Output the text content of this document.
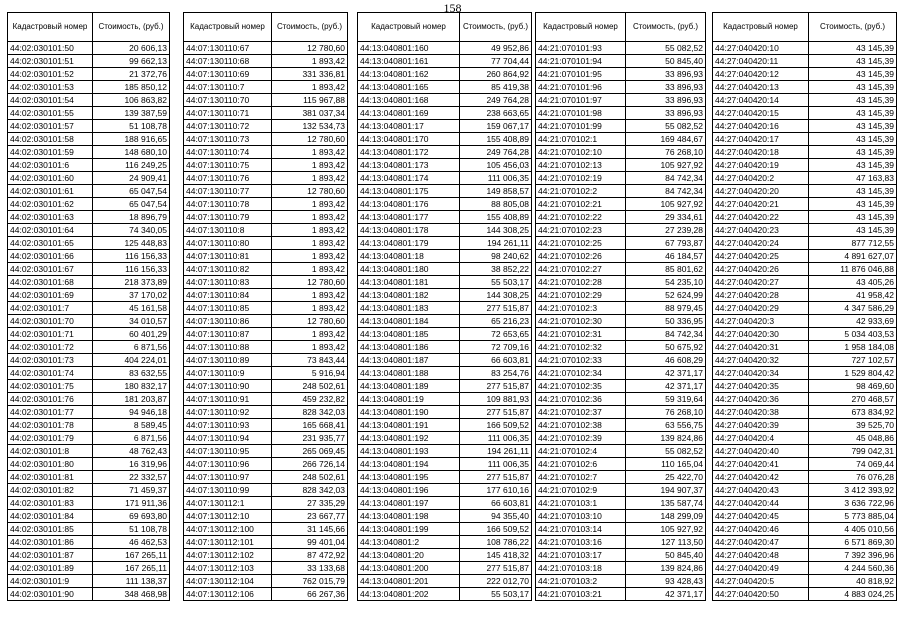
158
Кадастровый номер	Стоимость, (руб.)
44:02:030101:50	20 606,13
44:02:030101:51	99 662,13
44:02:030101:52	21 372,76
44:02:030101:53	185 850,12
44:02:030101:54	106 863,82
44:02:030101:55	139 387,59
44:02:030101:57	51 108,78
44:02:030101:58	188 916,65
44:02:030101:59	148 680,10
44:02:030101:6	116 249,25
44:02:030101:60	24 909,41
44:02:030101:61	65 047,54
44:02:030101:62	65 047,54
44:02:030101:63	18 896,79
44:02:030101:64	74 340,05
44:02:030101:65	125 448,83
44:02:030101:66	116 156,33
44:02:030101:67	116 156,33
44:02:030101:68	218 373,89
44:02:030101:69	37 170,02
44:02:030101:7	45 161,58
44:02:030101:70	34 010,57
44:02:030101:71	60 401,29
44:02:030101:72	6 871,56
44:02:030101:73	404 224,01
44:02:030101:74	83 632,55
44:02:030101:75	180 832,17
44:02:030101:76	181 203,87
44:02:030101:77	94 946,18
44:02:030101:78	8 589,45
44:02:030101:79	6 871,56
44:02:030101:8	48 762,43
44:02:030101:80	16 319,96
44:02:030101:81	22 332,57
44:02:030101:82	71 459,37
44:02:030101:83	171 911,36
44:02:030101:84	69 693,80
44:02:030101:85	51 108,78
44:02:030101:86	46 462,53
44:02:030101:87	167 265,11
44:02:030101:89	167 265,11
44:02:030101:9	111 138,37
44:02:030101:90	348 468,98
Кадастровый номер	Стоимость, (руб.)
44:07:130110:67	12 780,60
44:07:130110:68	1 893,42
44:07:130110:69	331 336,81
44:07:130110:7	1 893,42
44:07:130110:70	115 967,88
44:07:130110:71	381 037,34
44:07:130110:72	132 534,73
44:07:130110:73	12 780,60
44:07:130110:74	1 893,42
44:07:130110:75	1 893,42
44:07:130110:76	1 893,42
44:07:130110:77	12 780,60
44:07:130110:78	1 893,42
44:07:130110:79	1 893,42
44:07:130110:8	1 893,42
44:07:130110:80	1 893,42
44:07:130110:81	1 893,42
44:07:130110:82	1 893,42
44:07:130110:83	12 780,60
44:07:130110:84	1 893,42
44:07:130110:85	1 893,42
44:07:130110:86	12 780,60
44:07:130110:87	1 893,42
44:07:130110:88	1 893,42
44:07:130110:89	73 843,44
44:07:130110:9	5 916,94
44:07:130110:90	248 502,61
44:07:130110:91	459 232,82
44:07:130110:92	828 342,03
44:07:130110:93	165 668,41
44:07:130110:94	231 935,77
44:07:130110:95	265 069,45
44:07:130110:96	266 726,14
44:07:130110:97	248 502,61
44:07:130110:99	828 342,03
44:07:130112:1	27 335,29
44:07:130112:10	23 667,77
44:07:130112:100	31 145,66
44:07:130112:101	99 401,04
44:07:130112:102	87 472,92
44:07:130112:103	33 133,68
44:07:130112:104	762 015,79
44:07:130112:106	66 267,36
Кадастровый номер	Стоимость, (руб.)
44:13:040801:160	49 952,86
44:13:040801:161	77 704,44
44:13:040801:162	260 864,92
44:13:040801:165	85 419,38
44:13:040801:168	249 764,28
44:13:040801:169	238 663,65
44:13:040801:17	159 067,17
44:13:040801:170	155 408,89
44:13:040801:172	249 764,28
44:13:040801:173	105 456,03
44:13:040801:174	111 006,35
44:13:040801:175	149 858,57
44:13:040801:176	88 805,08
44:13:040801:177	155 408,89
44:13:040801:178	144 308,25
44:13:040801:179	194 261,11
44:13:040801:18	98 240,62
44:13:040801:180	38 852,22
44:13:040801:181	55 503,17
44:13:040801:182	144 308,25
44:13:040801:183	277 515,87
44:13:040801:184	65 216,23
44:13:040801:185	72 653,65
44:13:040801:186	72 709,16
44:13:040801:187	66 603,81
44:13:040801:188	83 254,76
44:13:040801:189	277 515,87
44:13:040801:19	109 881,93
44:13:040801:190	277 515,87
44:13:040801:191	166 509,52
44:13:040801:192	111 006,35
44:13:040801:193	194 261,11
44:13:040801:194	111 006,35
44:13:040801:195	277 515,87
44:13:040801:196	177 610,16
44:13:040801:197	66 603,81
44:13:040801:198	94 355,40
44:13:040801:199	166 509,52
44:13:040801:2	108 786,22
44:13:040801:20	145 418,32
44:13:040801:200	277 515,87
44:13:040801:201	222 012,70
44:13:040801:202	55 503,17
Кадастровый номер	Стоимость, (руб.)
44:21:070101:93	55 082,52
44:21:070101:94	50 845,40
44:21:070101:95	33 896,93
44:21:070101:96	33 896,93
44:21:070101:97	33 896,93
44:21:070101:98	33 896,93
44:21:070101:99	55 082,52
44:21:070102:1	169 484,67
44:21:070102:10	76 268,10
44:21:070102:13	105 927,92
44:21:070102:19	84 742,34
44:21:070102:2	84 742,34
44:21:070102:21	105 927,92
44:21:070102:22	29 334,61
44:21:070102:23	27 239,28
44:21:070102:25	67 793,87
44:21:070102:26	46 184,57
44:21:070102:27	85 801,62
44:21:070102:28	54 235,10
44:21:070102:29	52 624,99
44:21:070102:3	88 979,45
44:21:070102:30	50 336,95
44:21:070102:31	84 742,34
44:21:070102:32	50 675,92
44:21:070102:33	46 608,29
44:21:070102:34	42 371,17
44:21:070102:35	42 371,17
44:21:070102:36	59 319,64
44:21:070102:37	76 268,10
44:21:070102:38	63 556,75
44:21:070102:39	139 824,86
44:21:070102:4	55 082,52
44:21:070102:6	110 165,04
44:21:070102:7	25 422,70
44:21:070102:9	194 907,37
44:21:070103:1	135 587,74
44:21:070103:10	148 299,09
44:21:070103:14	105 927,92
44:21:070103:16	127 113,50
44:21:070103:17	50 845,40
44:21:070103:18	139 824,86
44:21:070103:2	93 428,43
44:21:070103:21	42 371,17
Кадастровый номер	Стоимость, (руб.)
44:27:040420:10	43 145,39
44:27:040420:11	43 145,39
44:27:040420:12	43 145,39
44:27:040420:13	43 145,39
44:27:040420:14	43 145,39
44:27:040420:15	43 145,39
44:27:040420:16	43 145,39
44:27:040420:17	43 145,39
44:27:040420:18	43 145,39
44:27:040420:19	43 145,39
44:27:040420:2	47 163,83
44:27:040420:20	43 145,39
44:27:040420:21	43 145,39
44:27:040420:22	43 145,39
44:27:040420:23	43 145,39
44:27:040420:24	877 712,55
44:27:040420:25	4 891 627,07
44:27:040420:26	11 876 046,88
44:27:040420:27	43 405,26
44:27:040420:28	41 958,42
44:27:040420:29	4 347 586,29
44:27:040420:3	42 933,69
44:27:040420:30	5 034 403,53
44:27:040420:31	1 958 184,08
44:27:040420:32	727 102,57
44:27:040420:34	1 529 804,42
44:27:040420:35	98 469,60
44:27:040420:36	270 468,57
44:27:040420:38	673 834,92
44:27:040420:39	39 525,70
44:27:040420:4	45 048,86
44:27:040420:40	799 042,31
44:27:040420:41	74 069,44
44:27:040420:42	76 076,28
44:27:040420:43	3 412 393,92
44:27:040420:44	3 636 722,96
44:27:040420:45	5 773 885,04
44:27:040420:46	4 405 010,56
44:27:040420:47	6 571 869,30
44:27:040420:48	7 392 396,96
44:27:040420:49	4 244 560,36
44:27:040420:5	40 818,92
44:27:040420:50	4 883 024,25
